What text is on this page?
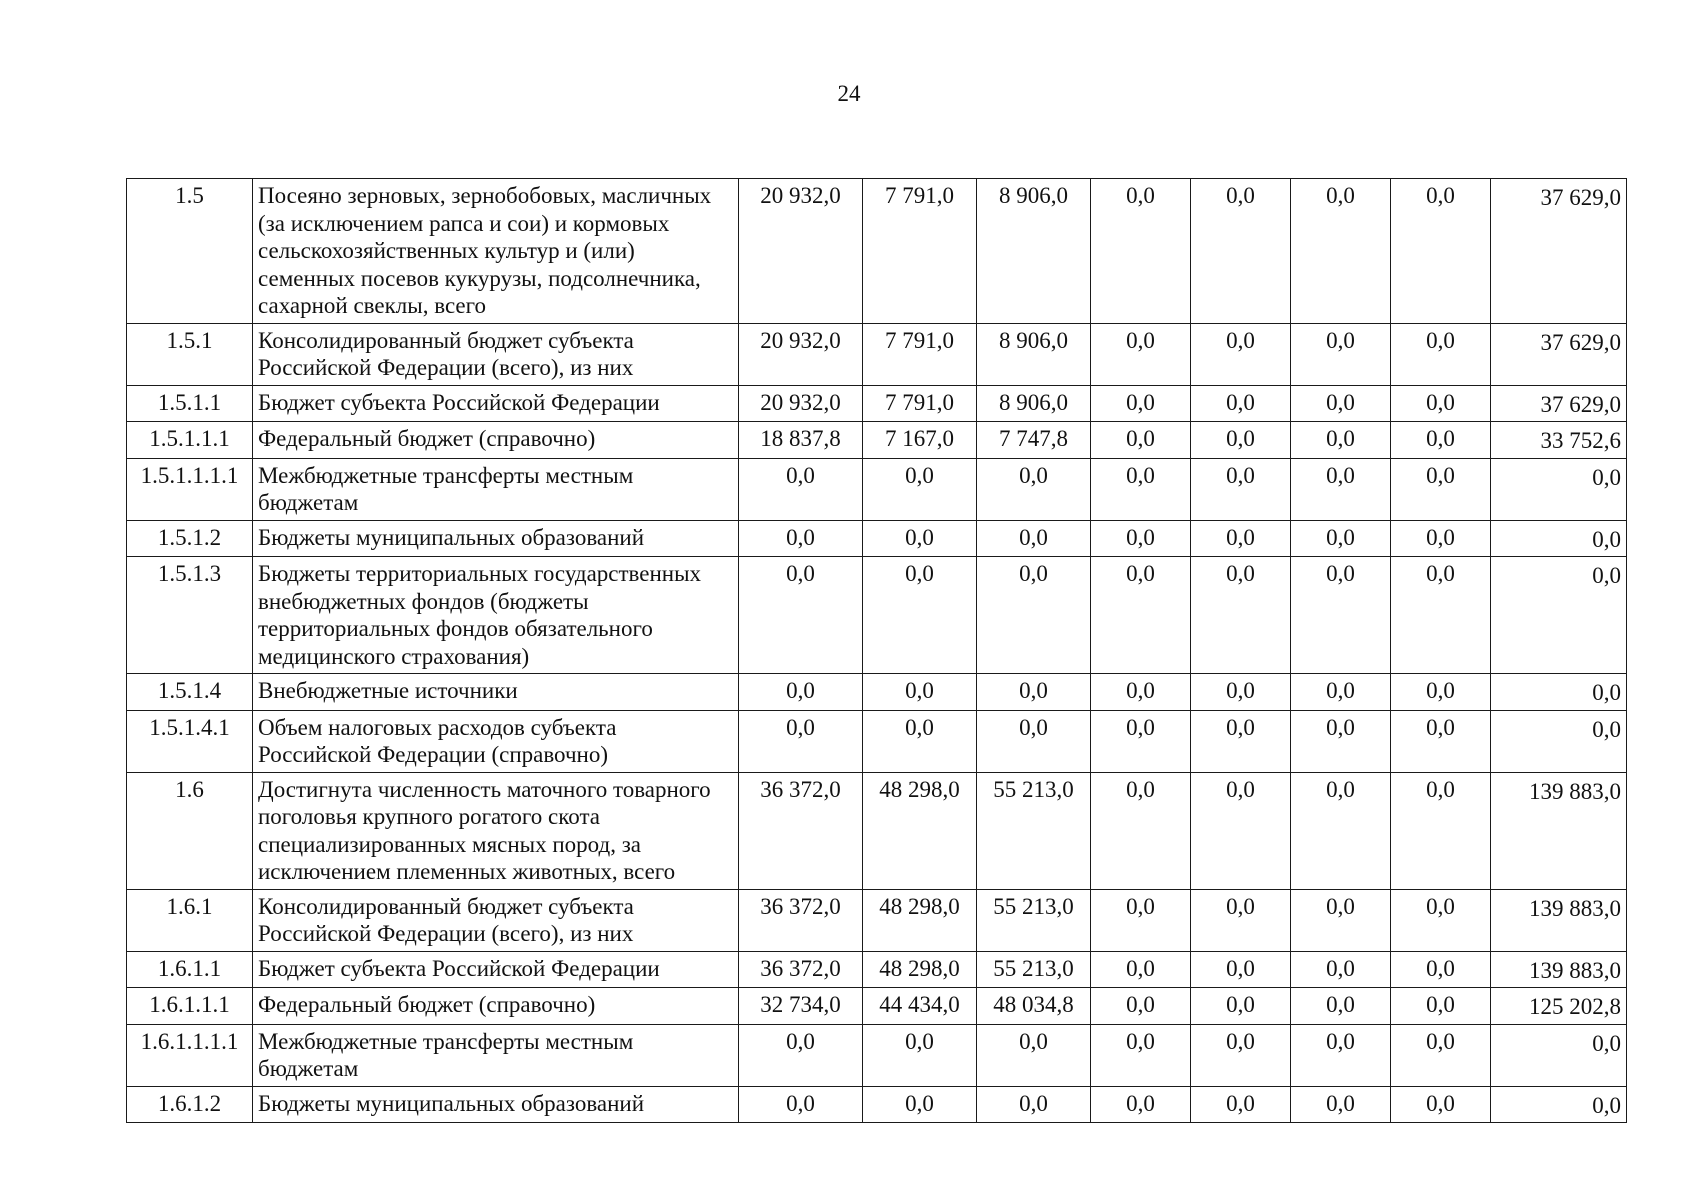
24
1.5	Посеяно зерновых, зернобобовых, масличных (за исключением рапса и сои) и кормовых сельскохозяйственных культур и (или) семенных посевов кукурузы, подсолнечника, сахарной свеклы, всего	20 932,0	7 791,0	8 906,0	0,0	0,0	0,0	0,0	37 629,0
1.5.1	Консолидированный бюджет субъекта Российской Федерации (всего), из них	20 932,0	7 791,0	8 906,0	0,0	0,0	0,0	0,0	37 629,0
1.5.1.1	Бюджет субъекта Российской Федерации	20 932,0	7 791,0	8 906,0	0,0	0,0	0,0	0,0	37 629,0
1.5.1.1.1	Федеральный бюджет (справочно)	18 837,8	7 167,0	7 747,8	0,0	0,0	0,0	0,0	33 752,6
1.5.1.1.1.1	Межбюджетные трансферты местным бюджетам	0,0	0,0	0,0	0,0	0,0	0,0	0,0	0,0
1.5.1.2	Бюджеты муниципальных образований	0,0	0,0	0,0	0,0	0,0	0,0	0,0	0,0
1.5.1.3	Бюджеты территориальных государственных внебюджетных фондов (бюджеты территориальных фондов обязательного медицинского страхования)	0,0	0,0	0,0	0,0	0,0	0,0	0,0	0,0
1.5.1.4	Внебюджетные источники	0,0	0,0	0,0	0,0	0,0	0,0	0,0	0,0
1.5.1.4.1	Объем налоговых расходов субъекта Российской Федерации (справочно)	0,0	0,0	0,0	0,0	0,0	0,0	0,0	0,0
1.6	Достигнута численность маточного товарного поголовья крупного рогатого скота специализированных мясных пород, за исключением племенных животных, всего	36 372,0	48 298,0	55 213,0	0,0	0,0	0,0	0,0	139 883,0
1.6.1	Консолидированный бюджет субъекта Российской Федерации (всего), из них	36 372,0	48 298,0	55 213,0	0,0	0,0	0,0	0,0	139 883,0
1.6.1.1	Бюджет субъекта Российской Федерации	36 372,0	48 298,0	55 213,0	0,0	0,0	0,0	0,0	139 883,0
1.6.1.1.1	Федеральный бюджет (справочно)	32 734,0	44 434,0	48 034,8	0,0	0,0	0,0	0,0	125 202,8
1.6.1.1.1.1	Межбюджетные трансферты местным бюджетам	0,0	0,0	0,0	0,0	0,0	0,0	0,0	0,0
1.6.1.2	Бюджеты муниципальных образований	0,0	0,0	0,0	0,0	0,0	0,0	0,0	0,0
